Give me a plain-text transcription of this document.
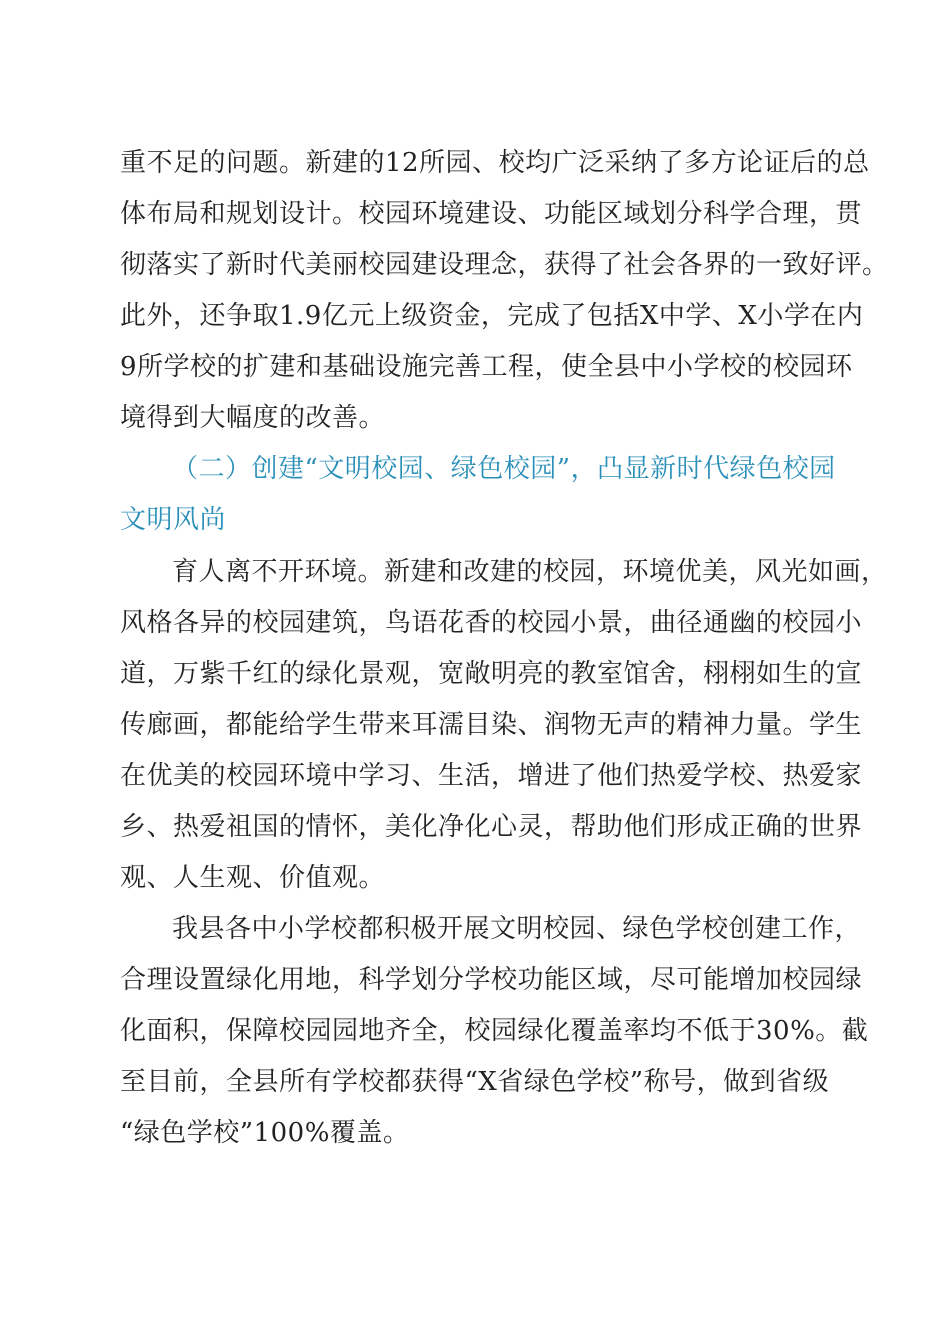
重不足的问题。新建的12所园、校均广泛采纳了多方论证后的总
体布局和规划设计。校园环境建设、功能区域划分科学合理，贯
彻落实了新时代美丽校园建设理念，获得了社会各界的一致好评。
此外，还争取1.9亿元上级资金，完成了包括X中学、X小学在内
9所学校的扩建和基础设施完善工程，使全县中小学校的校园环
境得到大幅度的改善。
（二）创建“文明校园、绿色校园”，凸显新时代绿色校园
文明风尚
育人离不开环境。新建和改建的校园，环境优美，风光如画，
风格各异的校园建筑，鸟语花香的校园小景，曲径通幽的校园小
道，万紫千红的绿化景观，宽敞明亮的教室馆舍，栩栩如生的宣
传廊画，都能给学生带来耳濡目染、润物无声的精神力量。学生
在优美的校园环境中学习、生活，增进了他们热爱学校、热爱家
乡、热爱祖国的情怀，美化净化心灵，帮助他们形成正确的世界
观、人生观、价值观。
我县各中小学校都积极开展文明校园、绿色学校创建工作，
合理设置绿化用地，科学划分学校功能区域，尽可能增加校园绿
化面积，保障校园园地齐全，校园绿化覆盖率均不低于30%。截
至目前，全县所有学校都获得“X省绿色学校”称号，做到省级
“绿色学校”100%覆盖。
